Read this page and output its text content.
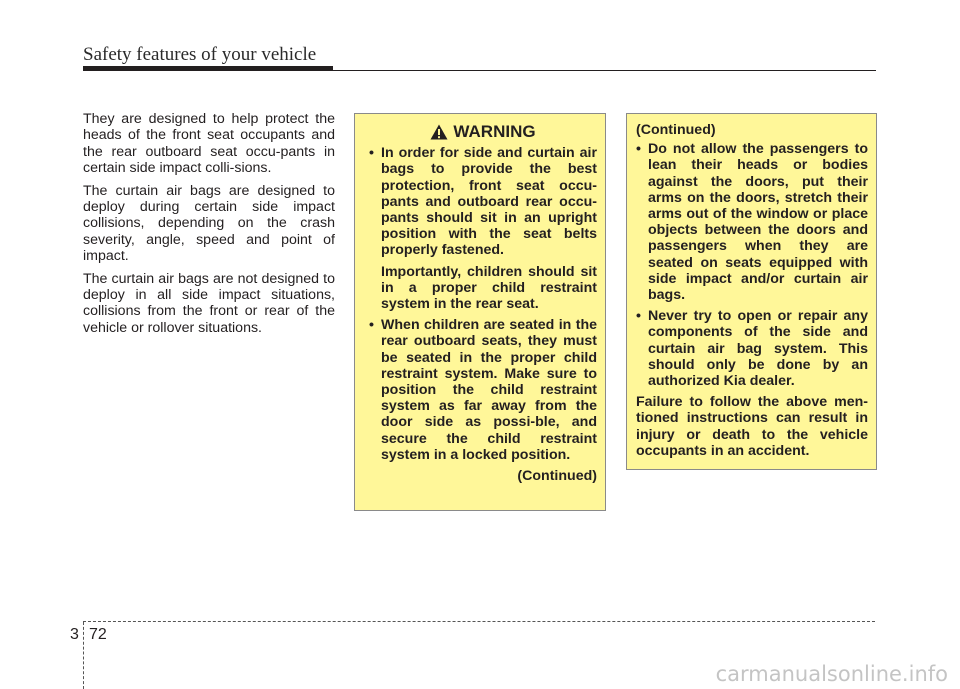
Safety features of your vehicle

They are designed to help protect the heads of the front seat occupants and the rear outboard seat occu-pants in certain side impact colli-sions.

The curtain air bags are designed to deploy during certain side impact collisions, depending on the crash severity, angle, speed and point of impact.

The curtain air bags are not designed to deploy in all side impact situations, collisions from the front or rear of the vehicle or rollover situations.

WARNING
• In order for side and curtain air bags to provide the best protection, front seat occu-pants and outboard rear occu-pants should sit in an upright position with the seat belts properly fastened.

Importantly, children should sit in a proper child restraint system in the rear seat.

• When children are seated in the rear outboard seats, they must be seated in the proper child restraint system. Make sure to position the child restraint system as far away from the door side as possi-ble, and secure the child restraint system in a locked position.
(Continued)
(Continued)
• Do not allow the passengers to lean their heads or bodies against the doors, put their arms on the doors, stretch their arms out of the window or place objects between the doors and passengers when they are seated on seats equipped with side impact and/or curtain air bags.
• Never try to open or repair any components of the side and curtain air bag system. This should only be done by an authorized Kia dealer.

Failure to follow the above men-tioned instructions can result in injury or death to the vehicle occupants in an accident.

3 72
carmanualsonline.info
